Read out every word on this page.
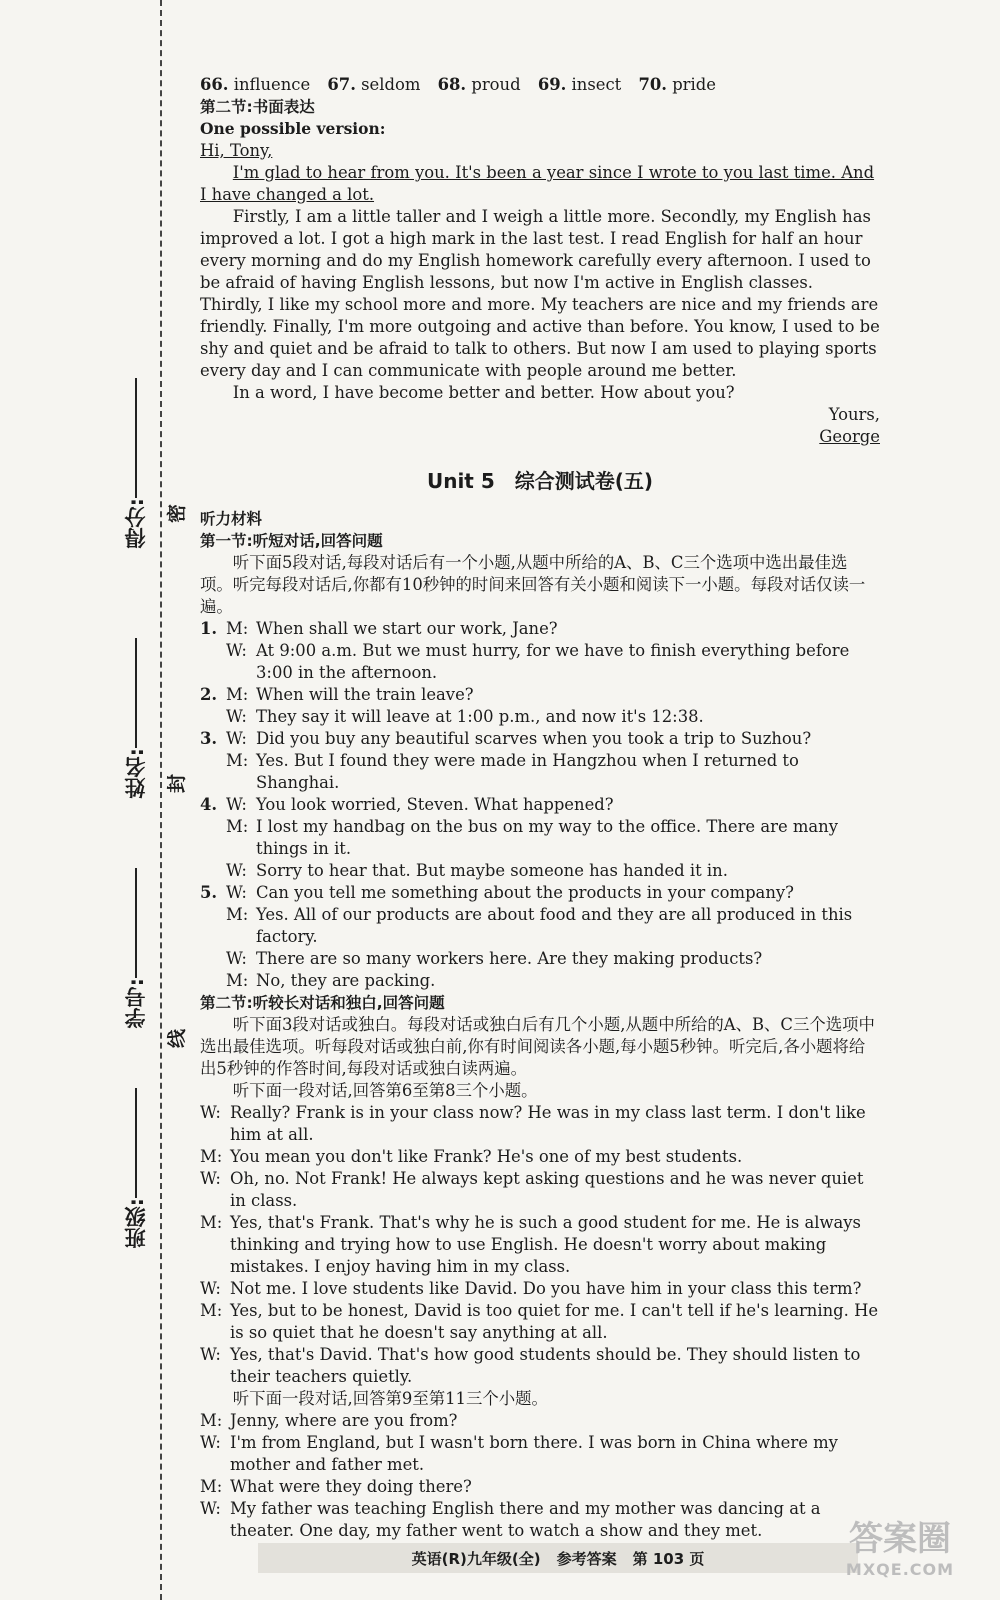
得分:
姓名:
学号:
班级:
密
封
线

66. influence 67. seldom 68. proud 69. insect 70. pride

第二节:书面表达

One possible version:

Hi, Tony,

I'm glad to hear from you. It's been a year since I wrote to you last time. And I have changed a lot.

Firstly, I am a little taller and I weigh a little more. Secondly, my English has improved a lot. I got a high mark in the last test. I read English for half an hour every morning and do my English homework carefully every afternoon. I used to be afraid of having English lessons, but now I'm active in English classes. Thirdly, I like my school more and more. My teachers are nice and my friends are friendly. Finally, I'm more outgoing and active than before. You know, I used to be shy and quiet and be afraid to talk to others. But now I am used to playing sports every day and I can communicate with people around me better.

In a word, I have become better and better. How about you?

Yours,

George

Unit 5　综合测试卷(五)

听力材料

第一节:听短对话,回答问题

听下面5段对话,每段对话后有一个小题,从题中所给的A、B、C三个选项中选出最佳选项。听完每段对话后,你都有10秒钟的时间来回答有关小题和阅读下一小题。每段对话仅读一遍。

1. M: When shall we start our work, Jane?
W: At 9:00 a.m. But we must hurry, for we have to finish everything before 3:00 in the afternoon.
2. M: When will the train leave?
W: They say it will leave at 1:00 p.m., and now it's 12:38.
3. W: Did you buy any beautiful scarves when you took a trip to Suzhou?
M: Yes. But I found they were made in Hangzhou when I returned to Shanghai.
4. W: You look worried, Steven. What happened?
M: I lost my handbag on the bus on my way to the office. There are many things in it.
W: Sorry to hear that. But maybe someone has handed it in.
5. W: Can you tell me something about the products in your company?
M: Yes. All of our products are about food and they are all produced in this factory.
W: There are so many workers here. Are they making products?
M: No, they are packing.

第二节:听较长对话和独白,回答问题

听下面3段对话或独白。每段对话或独白后有几个小题,从题中所给的A、B、C三个选项中选出最佳选项。听每段对话或独白前,你有时间阅读各小题,每小题5秒钟。听完后,各小题将给出5秒钟的作答时间,每段对话或独白读两遍。

听下面一段对话,回答第6至第8三个小题。

W: Really? Frank is in your class now? He was in my class last term. I don't like him at all.
M: You mean you don't like Frank? He's one of my best students.
W: Oh, no. Not Frank! He always kept asking questions and he was never quiet in class.
M: Yes, that's Frank. That's why he is such a good student for me. He is always thinking and trying how to use English. He doesn't worry about making mistakes. I enjoy having him in my class.
W: Not me. I love students like David. Do you have him in your class this term?
M: Yes, but to be honest, David is too quiet for me. I can't tell if he's learning. He is so quiet that he doesn't say anything at all.
W: Yes, that's David. That's how good students should be. They should listen to their teachers quietly.

听下面一段对话,回答第9至第11三个小题。

M: Jenny, where are you from?
W: I'm from England, but I wasn't born there. I was born in China where my mother and father met.
M: What were they doing there?
W: My father was teaching English there and my mother was dancing at a theater. One day, my father went to watch a show and they met.
英语(R)九年级(全) 参考答案 第 103 页	答案圈
MXQE.COM
